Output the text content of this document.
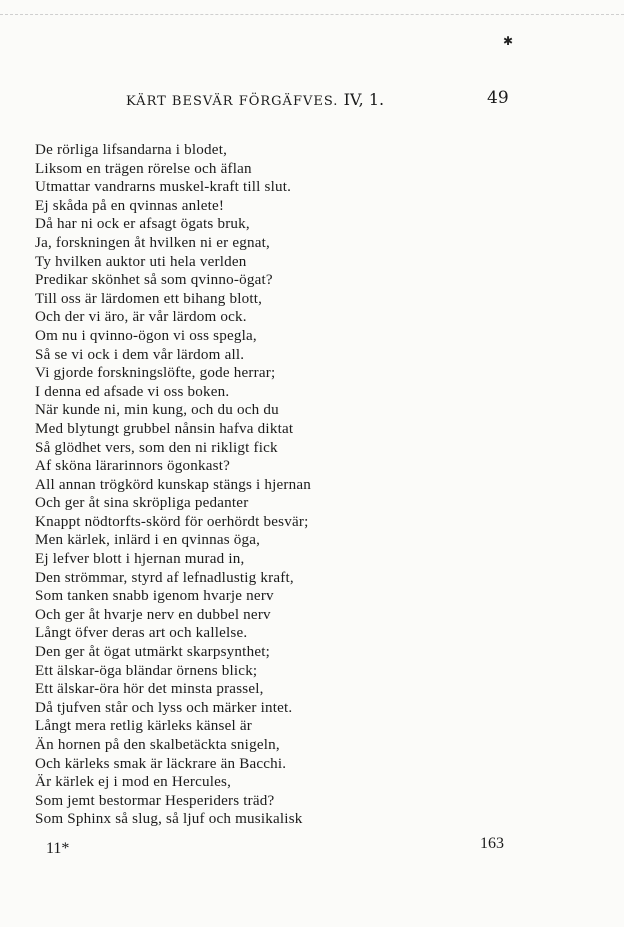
✱
KÄRT BESVÄR FÖRGÄFVES. IV, 1.	49
De rörliga lifsandarna i blodet,
Liksom en trägen rörelse och äflan
Utmattar vandrarns muskel-kraft till slut.
Ej skåda på en qvinnas anlete!
Då har ni ock er afsagt ögats bruk,
Ja, forskningen åt hvilken ni er egnat,
Ty hvilken auktor uti hela verlden
Predikar skönhet så som qvinno-ögat?
Till oss är lärdomen ett bihang blott,
Och der vi äro, är vår lärdom ock.
Om nu i qvinno-ögon vi oss spegla,
Så se vi ock i dem vår lärdom all.
Vi gjorde forskningslöfte, gode herrar;
I denna ed afsade vi oss boken.
När kunde ni, min kung, och du och du
Med blytungt grubbel nånsin hafva diktat
Så glödhet vers, som den ni rikligt fick
Af sköna lärarinnors ögonkast?
All annan trögkörd kunskap stängs i hjernan
Och ger åt sina skröpliga pedanter
Knappt nödtorfts-skörd för oerhördt besvär;
Men kärlek, inlärd i en qvinnas öga,
Ej lefver blott i hjernan murad in,
Den strömmar, styrd af lefnadlustig kraft,
Som tanken snabb igenom hvarje nerv
Och ger åt hvarje nerv en dubbel nerv
Långt öfver deras art och kallelse.
Den ger åt ögat utmärkt skarpsynthet;
Ett älskar-öga bländar örnens blick;
Ett älskar-öra hör det minsta prassel,
Då tjufven står och lyss och märker intet.
Långt mera retlig kärleks känsel är
Än hornen på den skalbetäckta snigeln,
Och kärleks smak är läckrare än Bacchi.
Är kärlek ej i mod en Hercules,
Som jemt bestormar Hesperiders träd?
Som Sphinx så slug, så ljuf och musikalisk
11*	163
